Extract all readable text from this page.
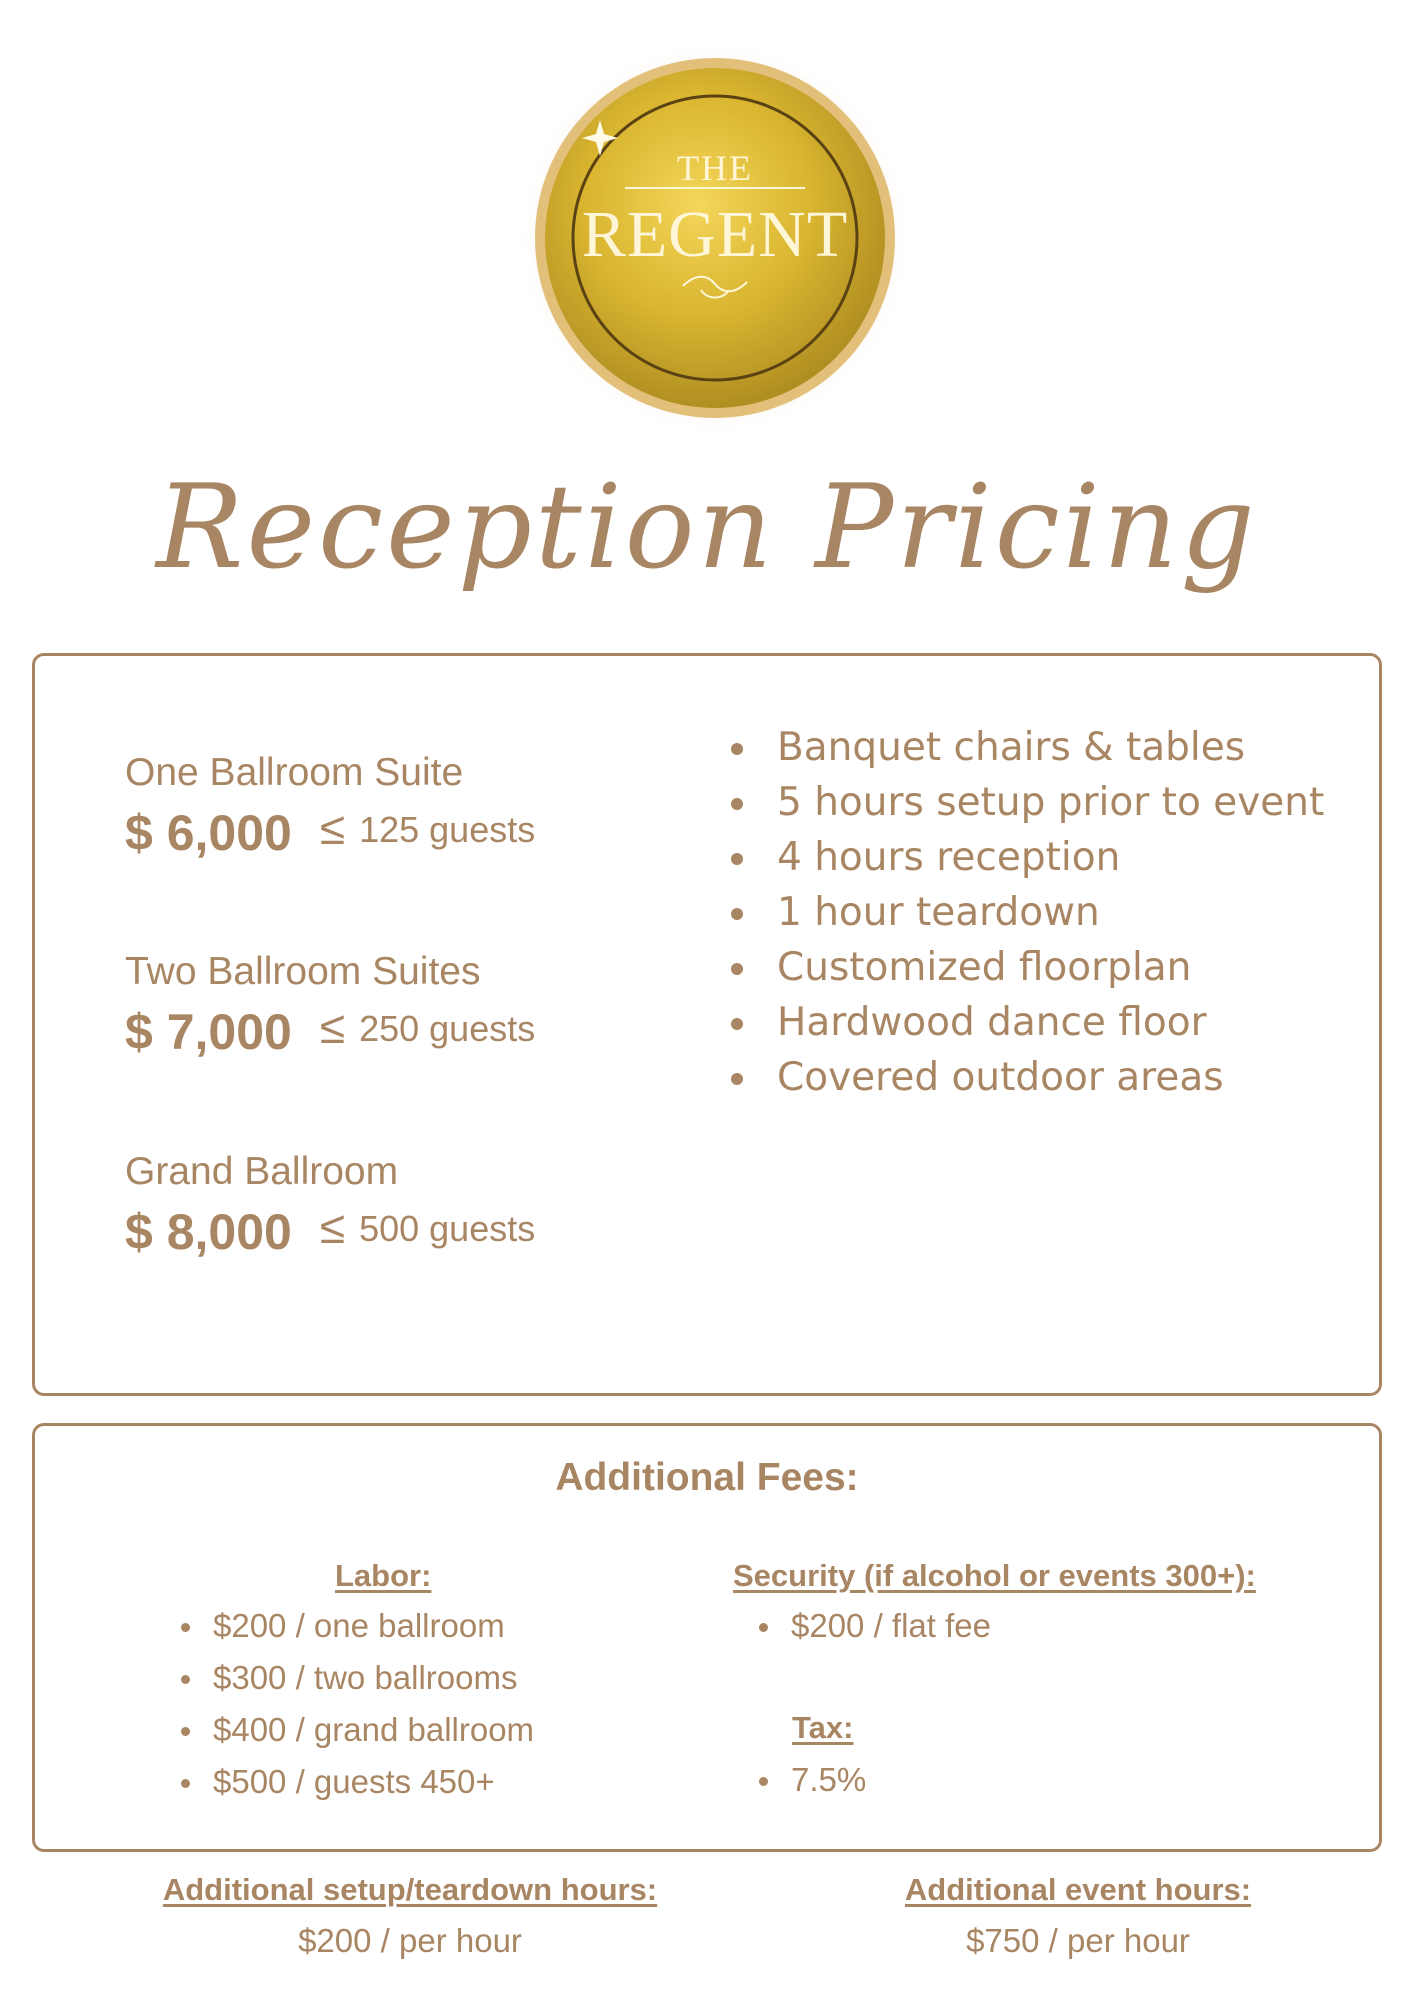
THE
REGENT
Reception Pricing
One Ballroom Suite
$ 6,000 ≤ 125 guests
Two Ballroom Suites
$ 7,000 ≤ 250 guests
Grand Ballroom
$ 8,000 ≤ 500 guests
Banquet chairs & tables
5 hours setup prior to event
4 hours reception
1 hour teardown
Customized floorplan
Hardwood dance floor
Covered outdoor areas
Additional Fees:
Labor:
$200 / one ballroom
$300 / two ballrooms
$400 / grand ballroom
$500 / guests 450+
Security (if alcohol or events 300+):
$200 / flat fee
Tax:
7.5%
Additional setup/teardown hours:
$200 / per hour
Additional event hours:
$750 / per hour
